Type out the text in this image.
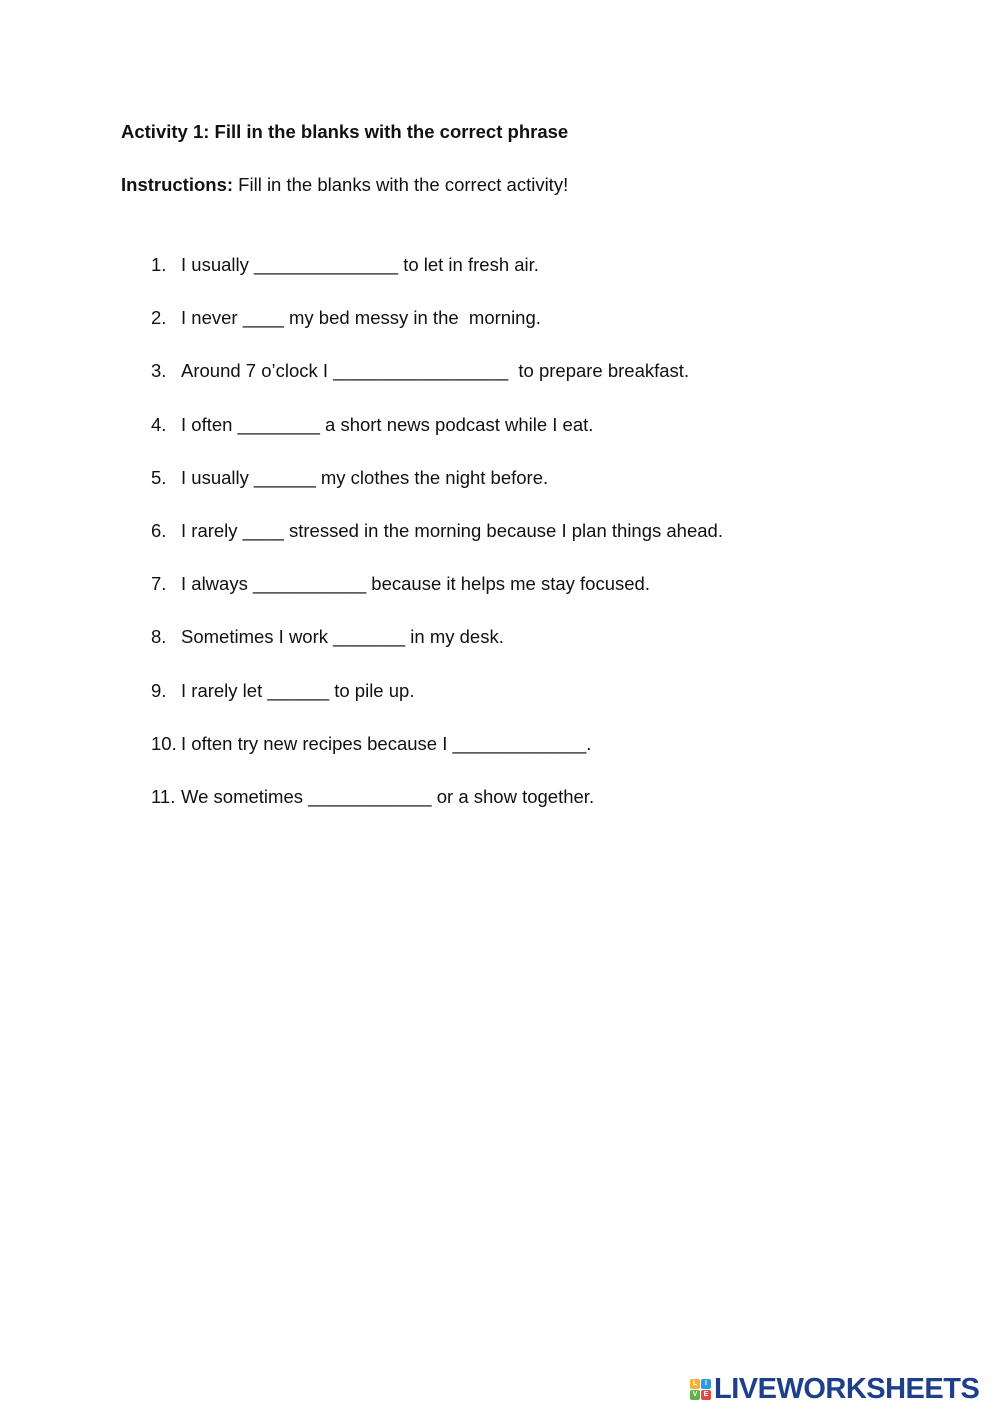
Activity 1: Fill in the blanks with the correct phrase
Instructions: Fill in the blanks with the correct activity!
1. I usually ______________ to let in fresh air.
2. I never ____ my bed messy in the  morning.
3. Around 7 o’clock I _________________  to prepare breakfast.
4. I often ________ a short news podcast while I eat.
5. I usually ______ my clothes the night before.
6. I rarely ____ stressed in the morning because I plan things ahead.
7. I always ___________ because it helps me stay focused.
8. Sometimes I work _______ in my desk.
9. I rarely let ______ to pile up.
10. I often try new recipes because I _____________.
11. We sometimes ____________ or a show together.
L	I
V E LIVEWORKSHEETS
